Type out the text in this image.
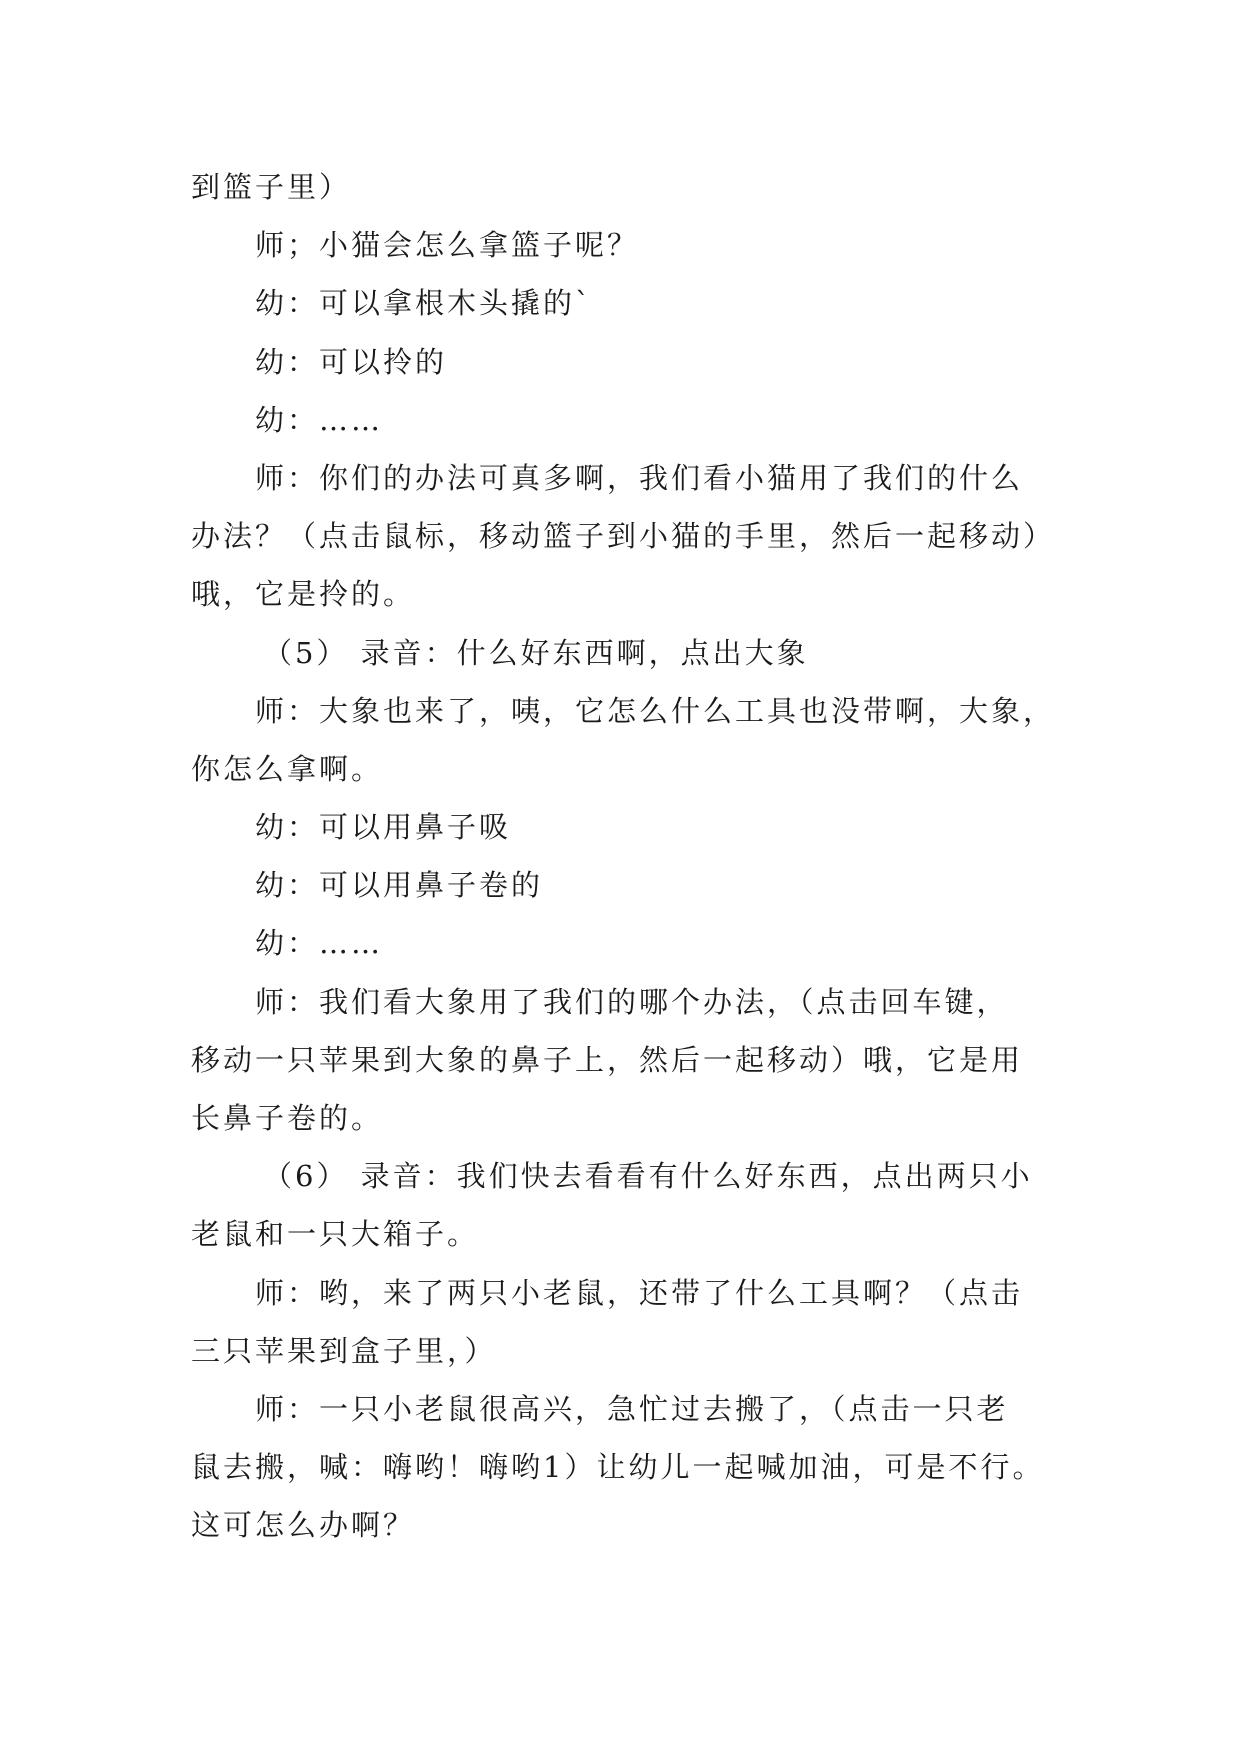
到篮子里）
师；小猫会怎么拿篮子呢？
幼：可以拿根木头撬的`
幼：可以拎的
幼：……
师：你们的办法可真多啊，我们看小猫用了我们的什么
办法？（点击鼠标，移动篮子到小猫的手里，然后一起移动）
哦，它是拎的。
（5） 录音：什么好东西啊，点出大象
师：大象也来了，咦，它怎么什么工具也没带啊，大象，
你怎么拿啊。
幼：可以用鼻子吸
幼：可以用鼻子卷的
幼：……
师：我们看大象用了我们的哪个办法，（点击回车键，
移动一只苹果到大象的鼻子上，然后一起移动）哦，它是用
长鼻子卷的。
（6） 录音：我们快去看看有什么好东西，点出两只小
老鼠和一只大箱子。
师：哟，来了两只小老鼠，还带了什么工具啊？（点击
三只苹果到盒子里，）
师：一只小老鼠很高兴，急忙过去搬了，（点击一只老
鼠去搬，喊：嗨哟！嗨哟1）让幼儿一起喊加油，可是不行。
这可怎么办啊？
